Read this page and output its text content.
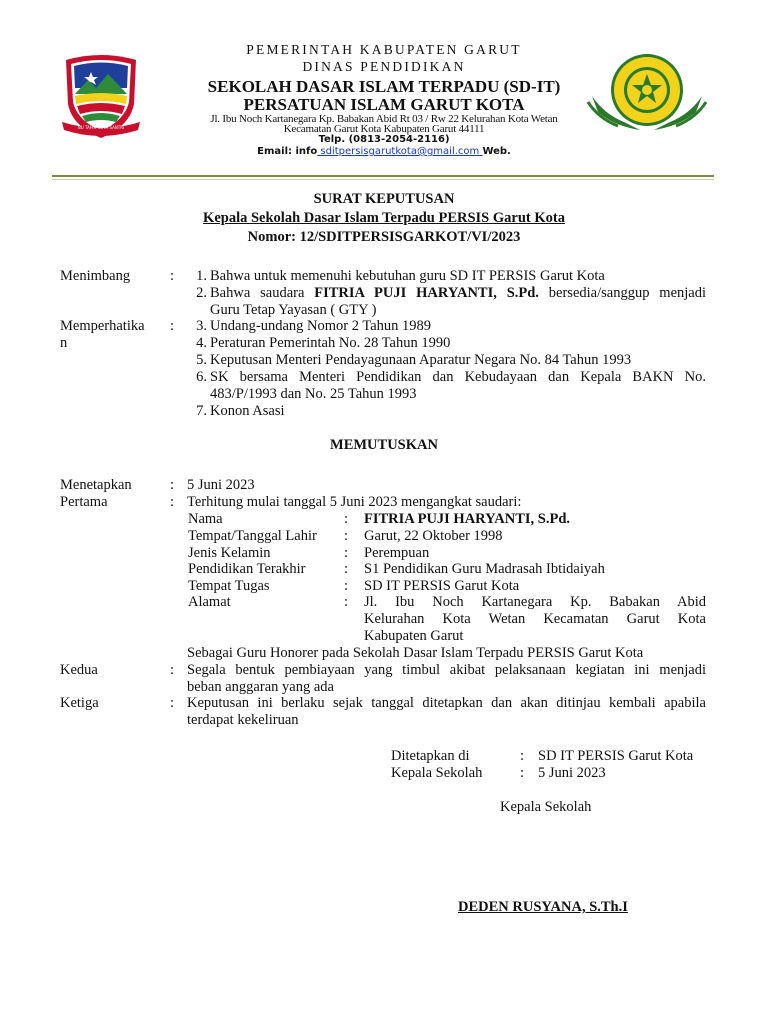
NU TAHTI KOTA SANTRI
PEMERINTAH KABUPATEN GARUT
DINAS PENDIDIKAN
SEKOLAH DASAR ISLAM TERPADU (SD-IT)
PERSATUAN ISLAM GARUT KOTA
Jl. Ibu Noch Kartanegara Kp. Babakan Abid Rt 03 / Rw 22 Kelurahan Kota Wetan
Kecamatan Garut Kota Kabupaten Garut 44111
Telp. (0813-2054-2116)
Email: info sditpersisgarutkota@gmail.com Web.
SURAT KEPUTUSAN
Kepala Sekolah Dasar Islam Terpadu PERSIS Garut Kota
Nomor: 12/SDITPERSISGARKOT/VI/2023
Menimbang	:	1. Bahwa untuk memenuhi kebutuhan guru SD IT PERSIS Garut Kota
2. Bahwa saudara FITRIA PUJI HARYANTI, S.Pd. bersedia/sanggup menjadi
Guru Tetap Yayasan ( GTY )
Memperhatika
n
:	3. Undang-undang Nomor 2 Tahun 1989
4. Peraturan Pemerintah No. 28 Tahun 1990
5. Keputusan Menteri Pendayagunaan Aparatur Negara No. 84 Tahun 1993
6. SK bersama Menteri Pendidikan dan Kebudayaan dan Kepala BAKN No.
483/P/1993 dan No. 25 Tahun 1993
7. Konon Asasi
MEMUTUSKAN
Menetapkan	: 5 Juni 2023
Pertama	: Terhitung mulai tanggal 5 Juni 2023 mengangkat saudari:
Nama	: FITRIA PUJI HARYANTI, S.Pd.
Tempat/Tanggal Lahir : Garut, 22 Oktober 1998
Jenis Kelamin	: Perempuan
Pendidikan Terakhir	: S1 Pendidikan Guru Madrasah Ibtidaiyah
Tempat Tugas	: SD IT PERSIS Garut Kota
Alamat	: Jl. Ibu Noch Kartanegara Kp. Babakan Abid
Kelurahan Kota Wetan Kecamatan Garut Kota
Kabupaten Garut
Sebagai Guru Honorer pada Sekolah Dasar Islam Terpadu PERSIS Garut Kota
Kedua	: Segala bentuk pembiayaan yang timbul akibat pelaksanaan kegiatan ini menjadi
beban anggaran yang ada
Ketiga	: Keputusan ini berlaku sejak tanggal ditetapkan dan akan ditinjau kembali apabila
terdapat kekeliruan
Ditetapkan di	: SD IT PERSIS Garut Kota
Kepala Sekolah	: 5 Juni 2023
Kepala Sekolah
DEDEN RUSYANA, S.Th.I
